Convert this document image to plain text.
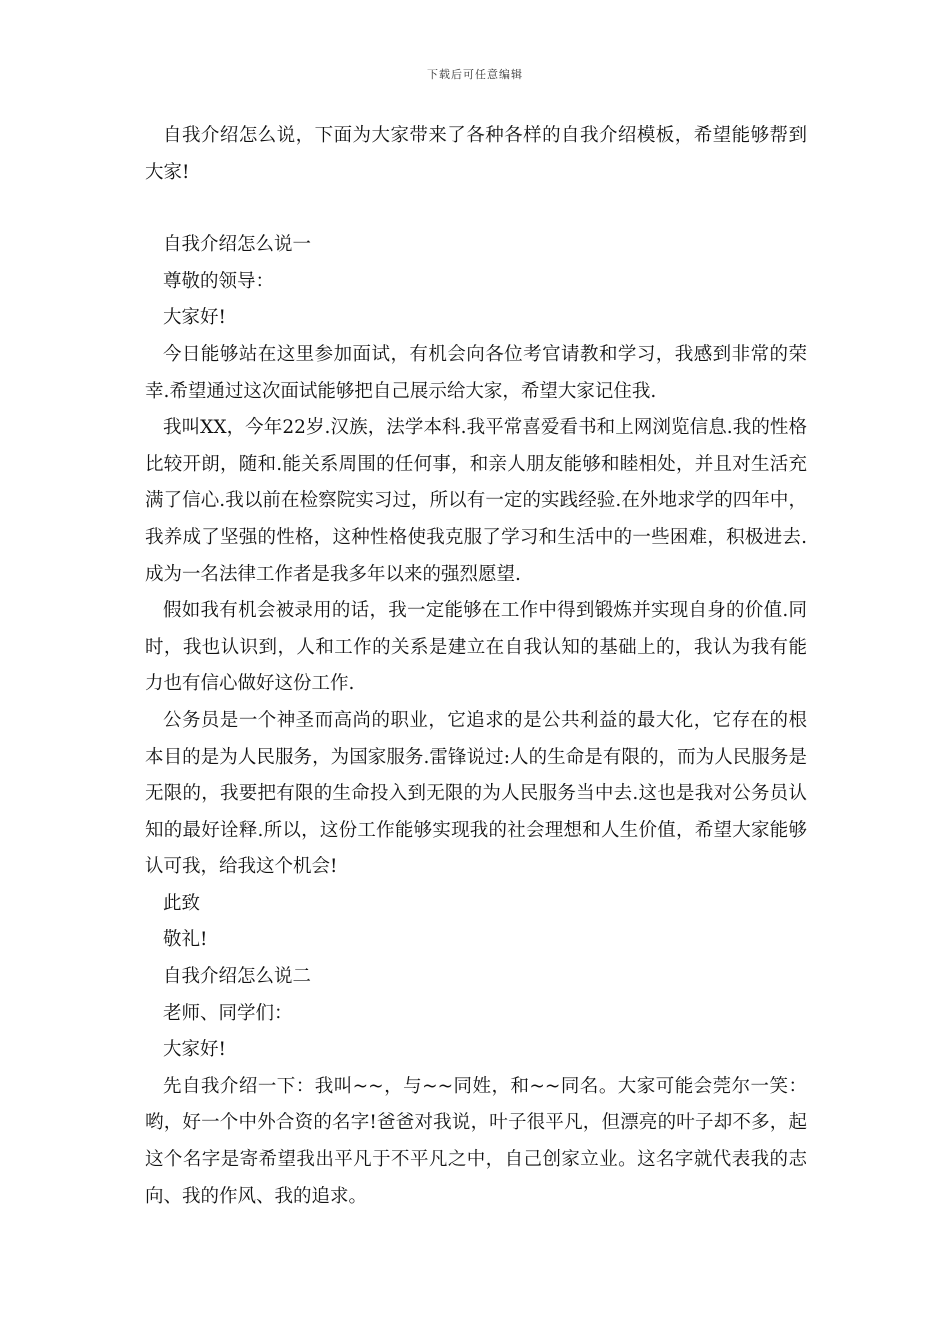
下载后可任意编辑

自我介绍怎么说，下面为大家带来了各种各样的自我介绍模板，希望能够帮到大家!

自我介绍怎么说一

尊敬的领导：

大家好!

今日能够站在这里参加面试，有机会向各位考官请教和学习，我感到非常的荣幸.希望通过这次面试能够把自己展示给大家，希望大家记住我.

我叫XX，今年22岁.汉族，法学本科.我平常喜爱看书和上网浏览信息.我的性格比较开朗，随和.能关系周围的任何事，和亲人朋友能够和睦相处，并且对生活充满了信心.我以前在检察院实习过，所以有一定的实践经验.在外地求学的四年中，我养成了坚强的性格，这种性格使我克服了学习和生活中的一些困难，积极进去.成为一名法律工作者是我多年以来的强烈愿望.

假如我有机会被录用的话，我一定能够在工作中得到锻炼并实现自身的价值.同时，我也认识到，人和工作的关系是建立在自我认知的基础上的，我认为我有能力也有信心做好这份工作.

公务员是一个神圣而高尚的职业，它追求的是公共利益的最大化，它存在的根本目的是为人民服务，为国家服务.雷锋说过:人的生命是有限的，而为人民服务是无限的，我要把有限的生命投入到无限的为人民服务当中去.这也是我对公务员认知的最好诠释.所以，这份工作能够实现我的社会理想和人生价值，希望大家能够认可我，给我这个机会!

此致

敬礼!

自我介绍怎么说二

老师、同学们：

大家好!

先自我介绍一下：我叫~~，与~~同姓，和~~同名。大家可能会莞尔一笑：哟，好一个中外合资的名字!爸爸对我说，叶子很平凡，但漂亮的叶子却不多，起这个名字是寄希望我出平凡于不平凡之中，自己创家立业。这名字就代表我的志向、我的作风、我的追求。
